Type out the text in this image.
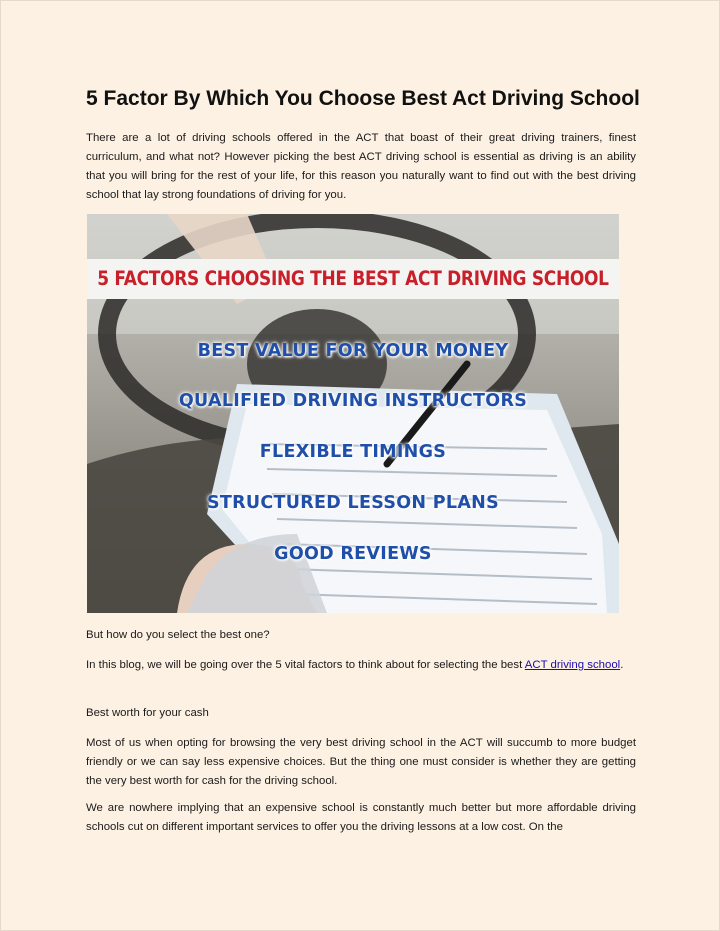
5 Factor By Which You Choose Best Act Driving School

There are a lot of driving schools offered in the ACT that boast of their great driving trainers, finest curriculum, and what not? However picking the best ACT driving school is essential as driving is an ability that you will bring for the rest of your life, for this reason you naturally want to find out with the best driving school that lay strong foundations of driving for you.

5 FACTORS CHOOSING THE BEST ACT DRIVING SCHOOL
BEST VALUE FOR YOUR MONEY
QUALIFIED DRIVING INSTRUCTORS
FLEXIBLE TIMINGS
STRUCTURED LESSON PLANS
GOOD REVIEWS

But how do you select the best one?

In this blog, we will be going over the 5 vital factors to think about for selecting the best ACT driving school.

Best worth for your cash

Most of us when opting for browsing the very best driving school in the ACT will succumb to more budget friendly or we can say less expensive choices. But the thing one must consider is whether they are getting the very best worth for cash for the driving school.

We are nowhere implying that an expensive school is constantly much better but more affordable driving schools cut on different important services to offer you the driving lessons at a low cost. On the
